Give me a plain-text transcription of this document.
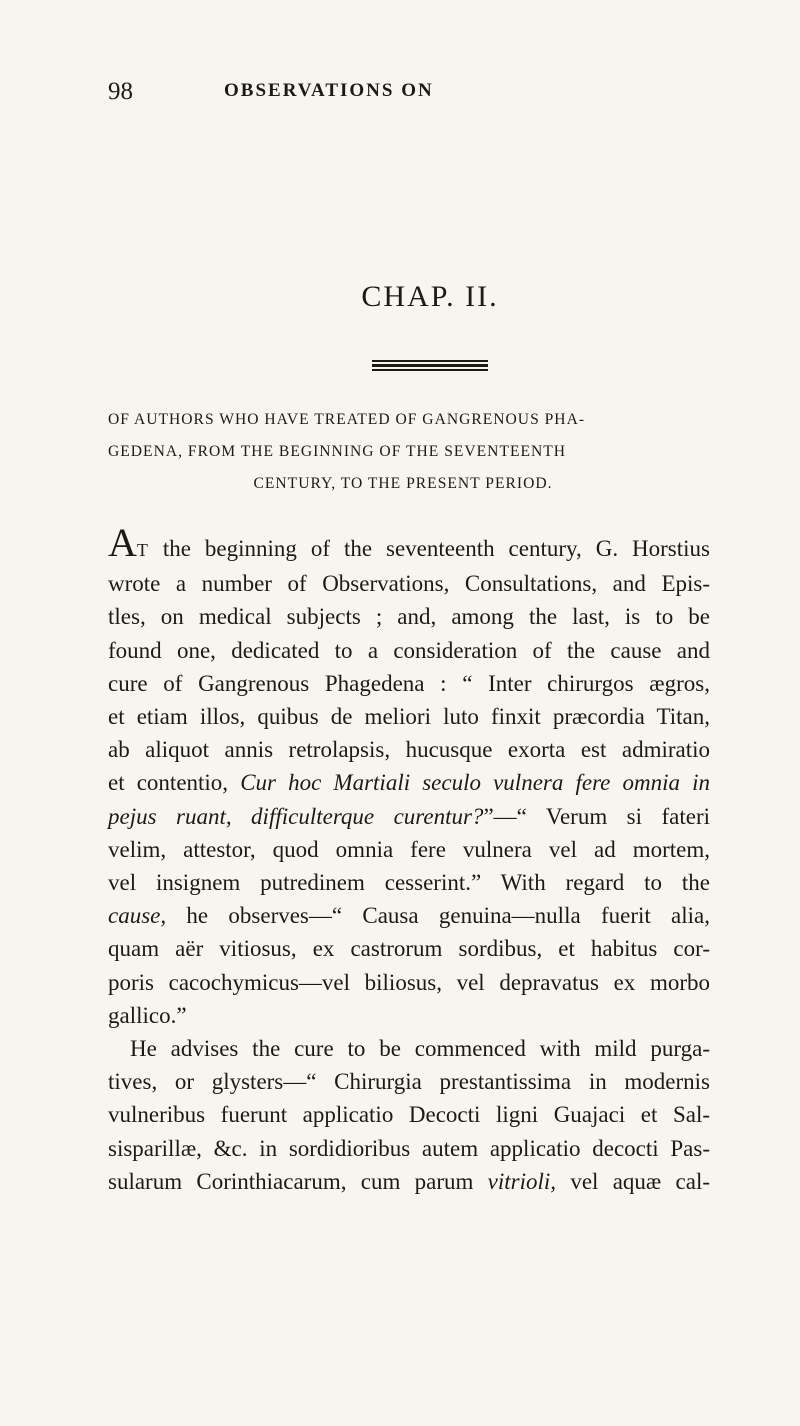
98	OBSERVATIONS ON
CHAP. II.
OF AUTHORS WHO HAVE TREATED OF GANGRENOUS PHA-
GEDENA, FROM THE BEGINNING OF THE SEVENTEENTH
CENTURY, TO THE PRESENT PERIOD.
AT the beginning of the seventeenth century, G. Horstius
wrote a number of Observations, Consultations, and Epis-
tles, on medical subjects ; and, among the last, is to be
found one, dedicated to a consideration of the cause and
cure of Gangrenous Phagedena : “ Inter chirurgos ægros,
et etiam illos, quibus de meliori luto finxit præcordia Titan,
ab aliquot annis retrolapsis, hucusque exorta est admiratio
et contentio, Cur hoc Martiali seculo vulnera fere omnia in
pejus ruant, difficulterque curentur?”—“ Verum si fateri
velim, attestor, quod omnia fere vulnera vel ad mortem,
vel insignem putredinem cesserint.” With regard to the
cause, he observes—“ Causa genuina—nulla fuerit alia,
quam aër vitiosus, ex castrorum sordibus, et habitus cor-
poris cacochymicus—vel biliosus, vel depravatus ex morbo
gallico.”
He advises the cure to be commenced with mild purga-
tives, or glysters—“ Chirurgia prestantissima in modernis
vulneribus fuerunt applicatio Decocti ligni Guajaci et Sal-
sisparillæ, &c. in sordidioribus autem applicatio decocti Pas-
sularum Corinthiacarum, cum parum vitrioli, vel aquæ cal-
